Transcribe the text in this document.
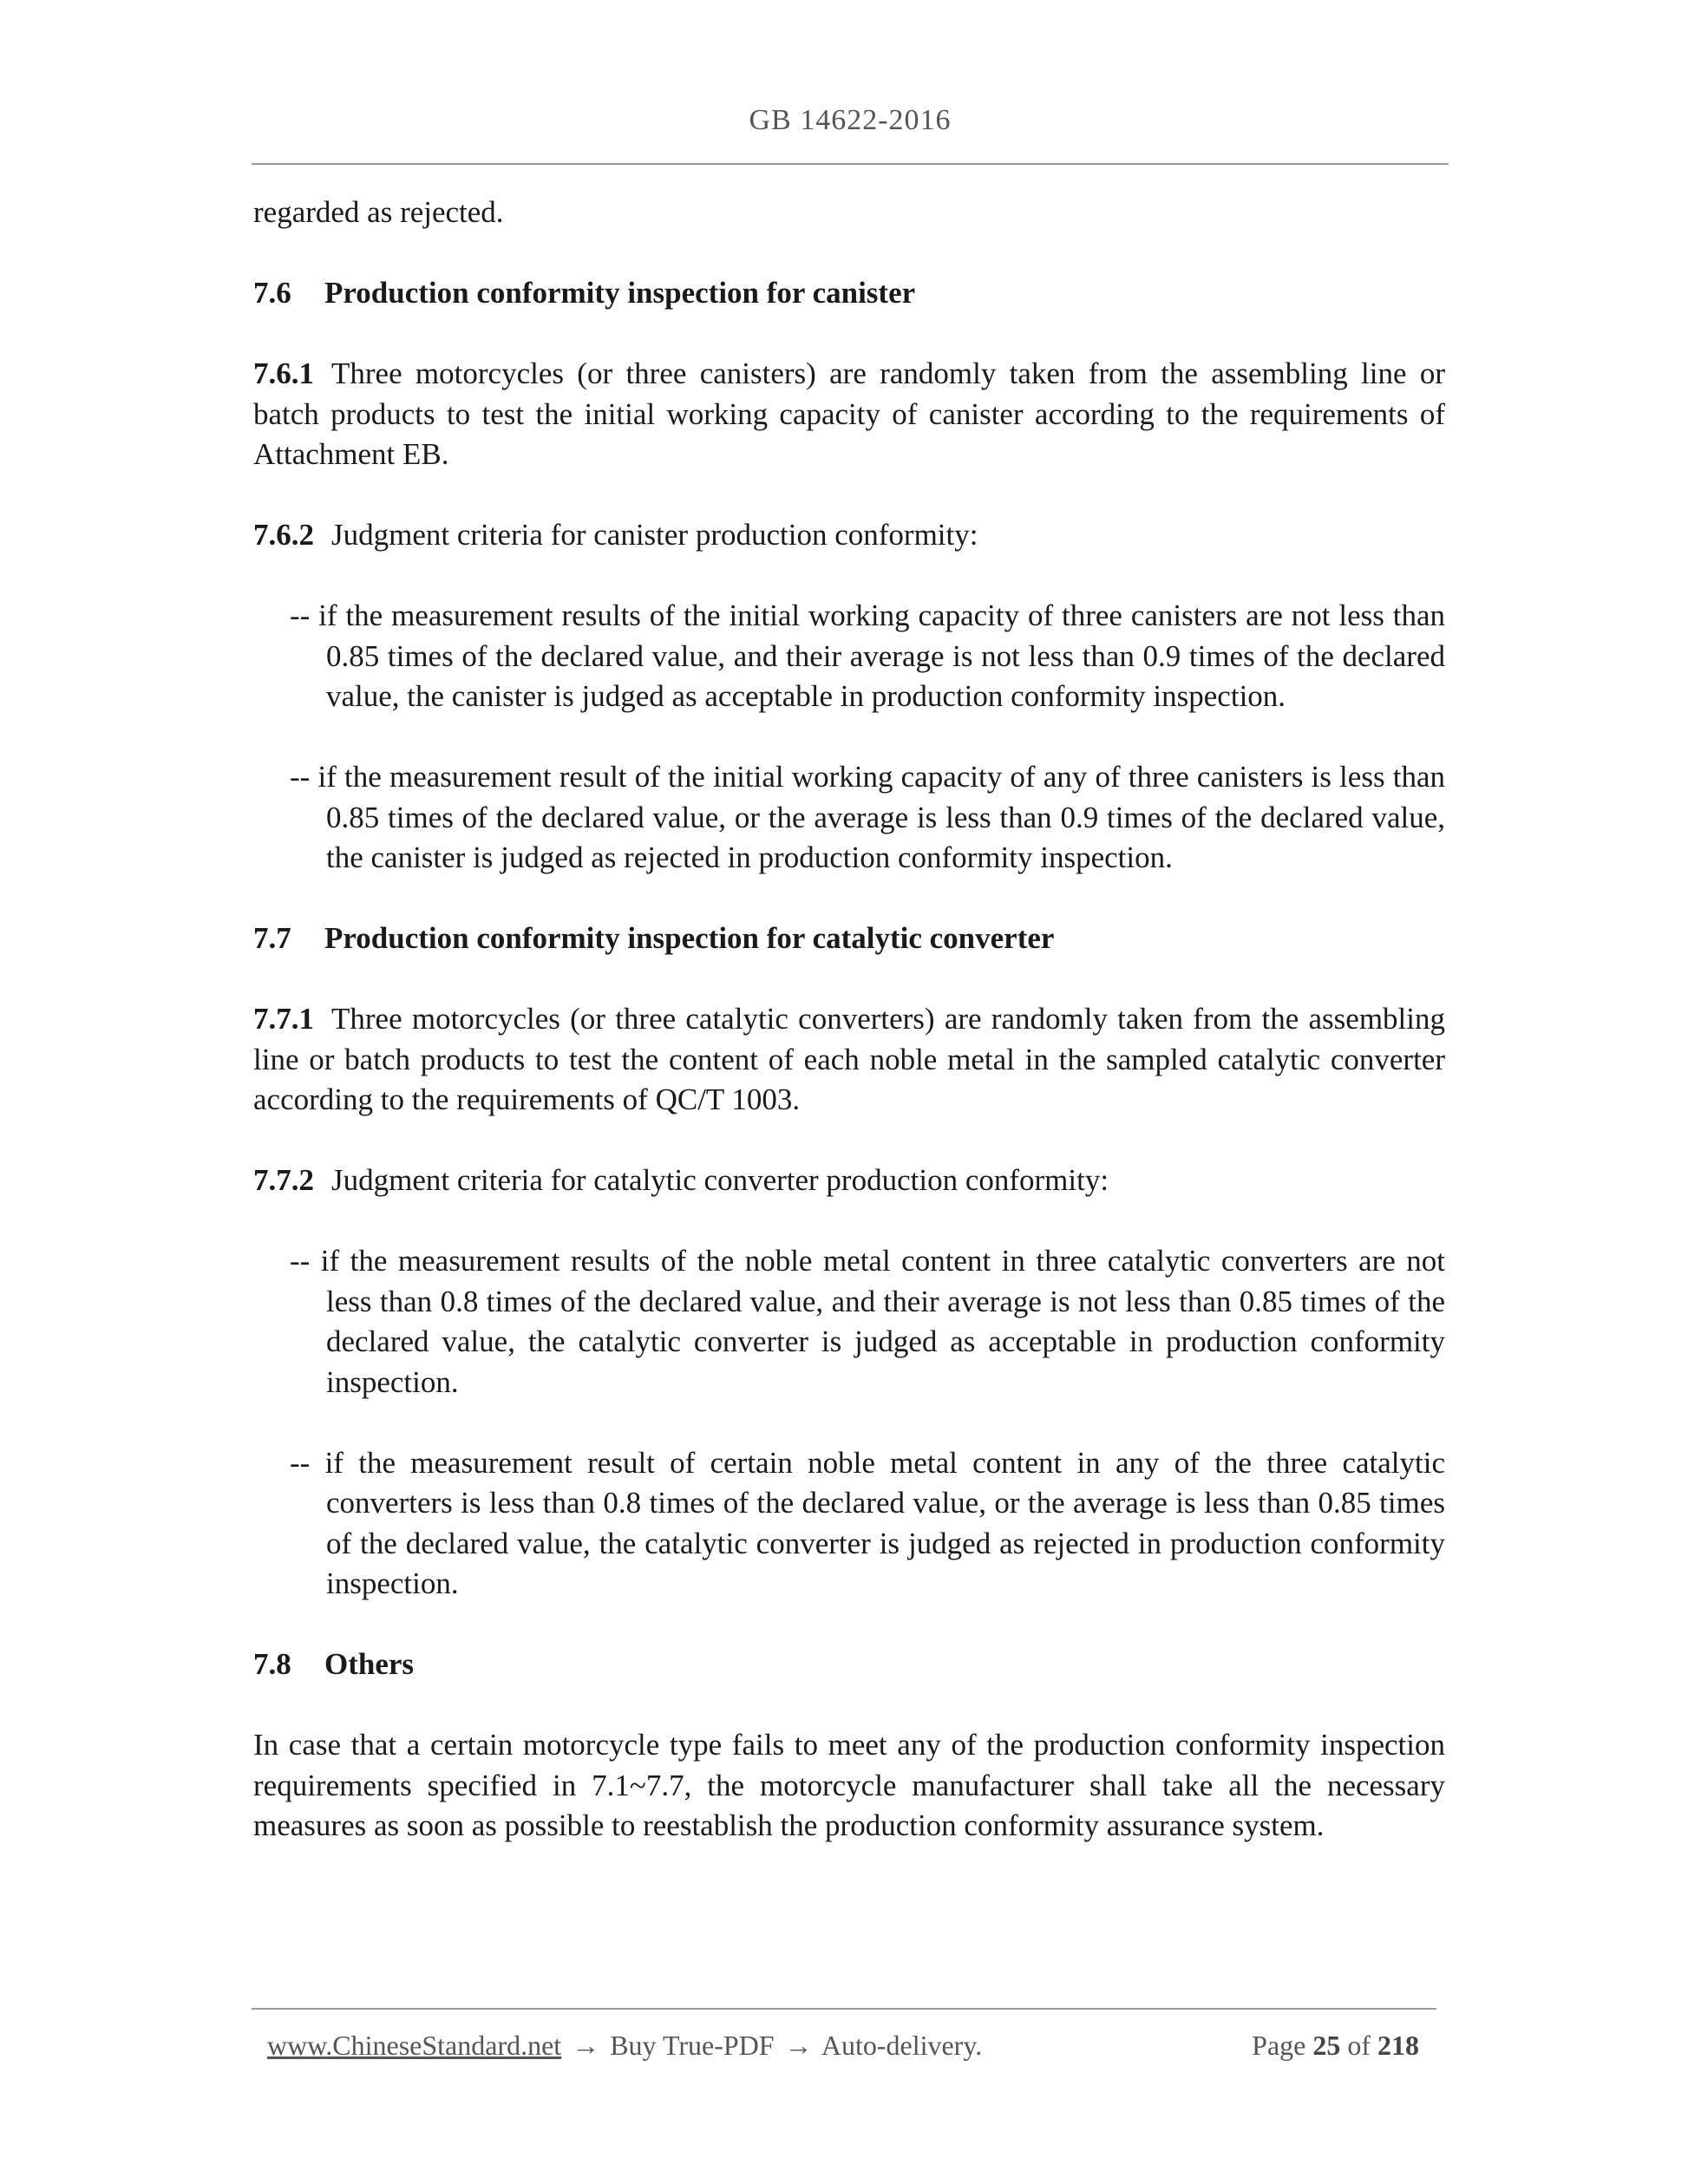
GB 14622-2016

regarded as rejected.

7.6 Production conformity inspection for canister

7.6.1 Three motorcycles (or three canisters) are randomly taken from the assembling line or batch products to test the initial working capacity of canister according to the requirements of Attachment EB.

7.6.2 Judgment criteria for canister production conformity:

-- if the measurement results of the initial working capacity of three canisters are not less than 0.85 times of the declared value, and their average is not less than 0.9 times of the declared value, the canister is judged as acceptable in production conformity inspection.

-- if the measurement result of the initial working capacity of any of three canisters is less than 0.85 times of the declared value, or the average is less than 0.9 times of the declared value, the canister is judged as rejected in production conformity inspection.

7.7 Production conformity inspection for catalytic converter

7.7.1 Three motorcycles (or three catalytic converters) are randomly taken from the assembling line or batch products to test the content of each noble metal in the sampled catalytic converter according to the requirements of QC/T 1003.

7.7.2 Judgment criteria for catalytic converter production conformity:

-- if the measurement results of the noble metal content in three catalytic converters are not less than 0.8 times of the declared value, and their average is not less than 0.85 times of the declared value, the catalytic converter is judged as acceptable in production conformity inspection.

-- if the measurement result of certain noble metal content in any of the three catalytic converters is less than 0.8 times of the declared value, or the average is less than 0.85 times of the declared value, the catalytic converter is judged as rejected in production conformity inspection.

7.8 Others

In case that a certain motorcycle type fails to meet any of the production conformity inspection requirements specified in 7.1~7.7, the motorcycle manufacturer shall take all the necessary measures as soon as possible to reestablish the production conformity assurance system.

www.ChineseStandard.net → Buy True-PDF → Auto-delivery.	Page 25 of 218
